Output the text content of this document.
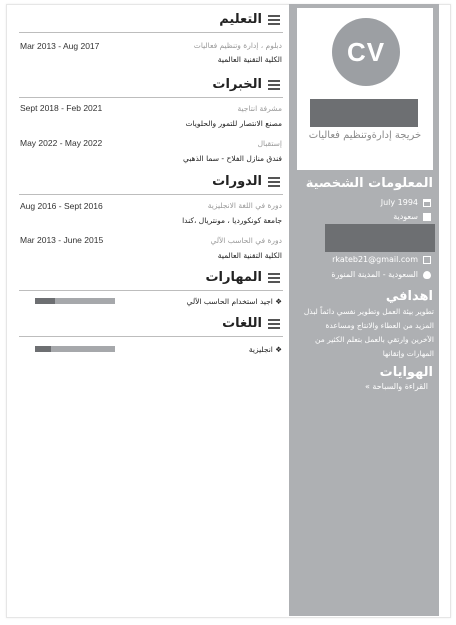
CV
خريجة إدارةوتنظيم فعاليات
المعلومات الشخصية
July 1994
سعودية
rkateb21@gmail.com
السعودية - المدينة المنورة
اهدافي
تطوير بيئة العمل وتطوير نفسي دائماً لبذل المزيد من العطاء والانتاج ومساعدة الآخرين وارتقي بالعمل بتعلم الكثير من المهارات وإتقانها
الهوايات
القراءة والسباحة »
التعليم
دبلوم ، إدارة وتنظيم فعاليات
الكلية التقنية العالمية
Mar 2013 - Aug 2017
الخبرات
مشرفة انتاجية
مصنع الانتصار للتمور والحلويات
Sept 2018 - Feb 2021
إستقبال
فندق منازل الفلاح - سما الذهبي
May 2022 - May 2022
الدورات
دورة في اللغة الانجليزية
جامعة كونكورديا ، مونتريال ،كندا
Aug 2016 - Sept 2016
دورة في الحاسب الآلي
الكلية التقنية العالمية
Mar 2013 - June 2015
المهارات
❖ اجيد استخدام الحاسب الآلي
اللغات
❖ انجليزية
